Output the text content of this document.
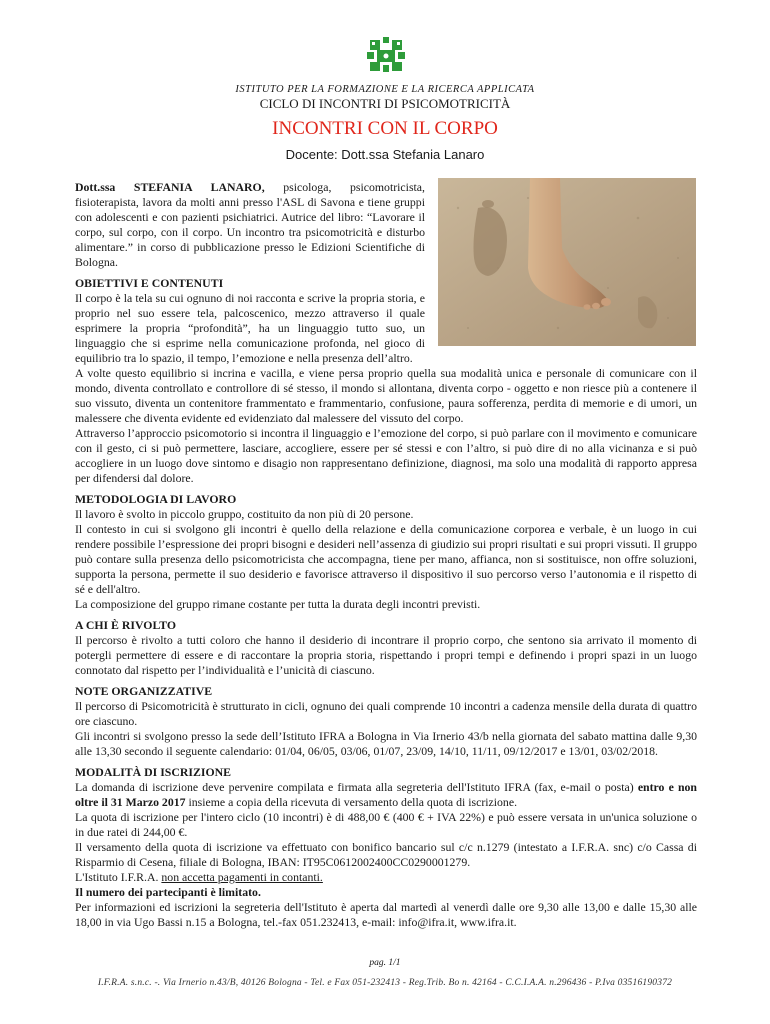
ISTITUTO PER LA FORMAZIONE E LA RICERCA APPLICATA
CICLO DI INCONTRI DI PSICOMOTRICITÀ
INCONTRI CON IL CORPO
Docente: Dott.ssa Stefania Lanaro

Dott.ssa STEFANIA LANARO, psicologa, psicomotricista, fisioterapista, lavora da molti anni presso l'ASL di Savona e tiene gruppi con adolescenti e con pazienti psichiatrici. Autrice del libro: “Lavorare il corpo, sul corpo, con il corpo. Un incontro tra psicomotricità e disturbo alimentare.” in corso di pubblicazione presso le Edizioni Scientifiche di Bologna.

OBIETTIVI E CONTENUTI

Il corpo è la tela su cui ognuno di noi racconta e scrive la propria storia, e proprio nel suo essere tela, palcoscenico, mezzo attraverso il quale esprimere la propria “profondità”, ha un linguaggio tutto suo, un linguaggio che si esprime nella comunicazione profonda, nel gioco di equilibrio tra lo spazio, il tempo, l’emozione e nella presenza dell’altro.

A volte questo equilibrio si incrina e vacilla, e viene persa proprio quella sua modalità unica e personale di comunicare con il mondo, diventa controllato e controllore di sé stesso, il mondo si allontana, diventa corpo - oggetto e non riesce più a contenere il suo vissuto, diventa un contenitore frammentato e frammentario, confusione, paura sofferenza, perdita di memorie e di umori, un malessere che diventa evidente ed evidenziato dal malessere del vissuto del corpo.

Attraverso l’approccio psicomotorio si incontra il linguaggio e l’emozione del corpo, si può parlare con il movimento e comunicare con il gesto, ci si può permettere, lasciare, accogliere, essere per sé stessi e con l’altro, si può dire di no alla vicinanza e si può accogliere in un luogo dove sintomo e disagio non rappresentano definizione, diagnosi, ma solo una modalità di rapporto appresa per difendersi dal dolore.

METODOLOGIA DI LAVORO

Il lavoro è svolto in piccolo gruppo, costituito da non più di 20 persone.

Il contesto in cui si svolgono gli incontri è quello della relazione e della comunicazione corporea e verbale, è un luogo in cui rendere possibile l’espressione dei propri bisogni e desideri nell’assenza di giudizio sui propri risultati e sui propri vissuti. Il gruppo può contare sulla presenza dello psicomotricista che accompagna, tiene per mano, affianca, non si sostituisce, non offre soluzioni, supporta la persona, permette il suo desiderio e favorisce attraverso il dispositivo il suo percorso verso l’autonomia e il rispetto di sé e dell'altro.

La composizione del gruppo rimane costante per tutta la durata degli incontri previsti.

A CHI È RIVOLTO

Il percorso è rivolto a tutti coloro che hanno il desiderio di incontrare il proprio corpo, che sentono sia arrivato il momento di potergli permettere di essere e di raccontare la propria storia, rispettando i propri tempi e definendo i propri spazi in un luogo connotato dal rispetto per l’individualità e l’unicità di ciascuno.

NOTE ORGANIZZATIVE

Il percorso di Psicomotricità è strutturato in cicli, ognuno dei quali comprende 10 incontri a cadenza mensile della durata di quattro ore ciascuno.

Gli incontri si svolgono presso la sede dell’Istituto IFRA a Bologna in Via Irnerio 43/b nella giornata del sabato mattina dalle 9,30 alle 13,30 secondo il seguente calendario: 01/04, 06/05, 03/06, 01/07, 23/09, 14/10, 11/11, 09/12/2017 e 13/01, 03/02/2018.

MODALITÀ DI ISCRIZIONE

La domanda di iscrizione deve pervenire compilata e firmata alla segreteria dell'Istituto IFRA (fax, e-mail o posta) entro e non oltre il 31 Marzo 2017 insieme a copia della ricevuta di versamento della quota di iscrizione.

La quota di iscrizione per l'intero ciclo (10 incontri) è di 488,00 € (400 € + IVA 22%) e può essere versata in un'unica soluzione o in due ratei di 244,00 €.

Il versamento della quota di iscrizione va effettuato con bonifico bancario sul c/c n.1279 (intestato a I.F.R.A. snc) c/o Cassa di Risparmio di Cesena, filiale di Bologna, IBAN: IT95C0612002400CC0290001279.

L'Istituto I.F.R.A. non accetta pagamenti in contanti.

Il numero dei partecipanti è limitato.

Per informazioni ed iscrizioni la segreteria dell'Istituto è aperta dal martedì al venerdì dalle ore 9,30 alle 13,00 e dalle 15,30 alle 18,00 in via Ugo Bassi n.15 a Bologna, tel.-fax 051.232413, e-mail: info@ifra.it, www.ifra.it.

pag. 1/1
I.F.R.A. s.n.c. -. Via Irnerio n.43/B, 40126 Bologna - Tel. e Fax 051-232413 - Reg.Trib. Bo n. 42164 - C.C.I.A.A. n.296436 - P.Iva 03516190372
